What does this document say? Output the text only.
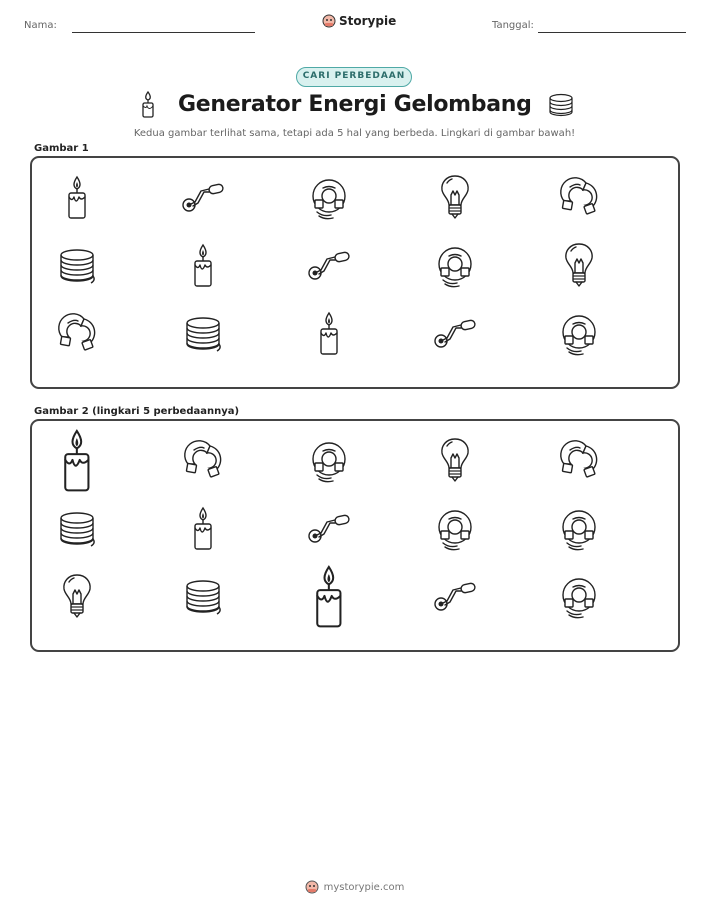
Nama:	Storypie	Tanggal:
CARI PERBEDAAN
Generator Energi Gelombang
Kedua gambar terlihat sama, tetapi ada 5 hal yang berbeda. Lingkari di gambar bawah!
Gambar 1
Gambar 2 (lingkari 5 perbedaannya)
mystorypie.com
